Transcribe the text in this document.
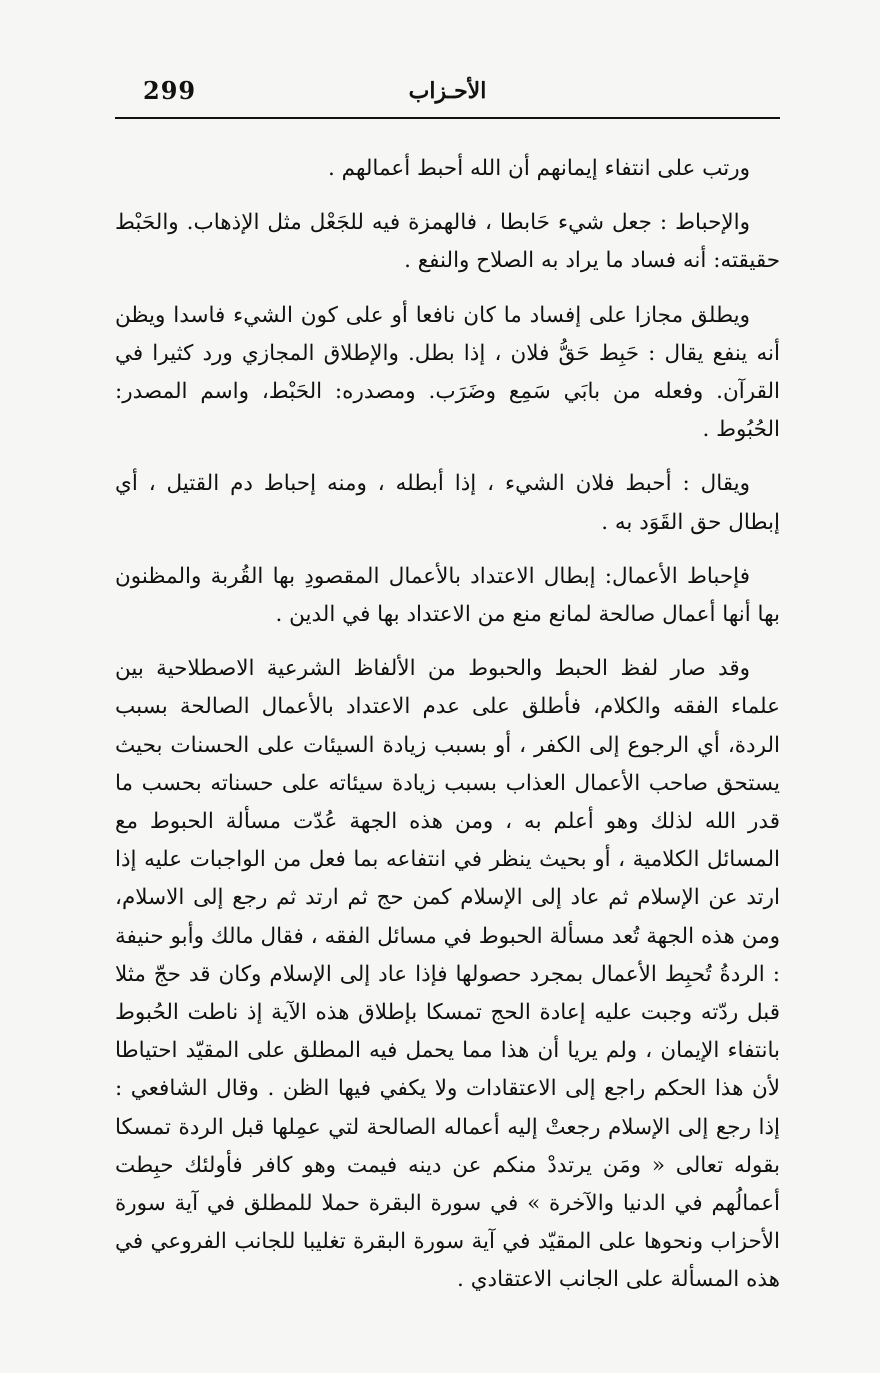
299	الأحـزاب

ورتب على انتفاء إيمانهم أن الله أحبط أعمالهم .

والإحباط : جعل شيء حَابطا ، فالهمزة فيه للجَعْل مثل الإذهاب. والحَبْط حقيقته: أنه فساد ما يراد به الصلاح والنفع .

ويطلق مجازا على إفساد ما كان نافعا أو على كون الشيء فاسدا ويظن أنه ينفع يقال : حَبِط حَقُّ فلان ، إذا بطل. والإطلاق المجازي ورد كثيرا في القرآن. وفعله من بابَي سَمِع وضَرَب. ومصدره: الحَبْط، واسم المصدر: الحُبُوط .

ويقال : أحبط فلان الشيء ، إذا أبطله ، ومنه إحباط دم القتيل ، أي إبطال حق القَوَد به .

فإحباط الأعمال: إبطال الاعتداد بالأعمال المقصودِ بها القُربة والمظنون بها أنها أعمال صالحة لمانع منع من الاعتداد بها في الدين .

وقد صار لفظ الحبط والحبوط من الألفاظ الشرعية الاصطلاحية بين علماء الفقه والكلام، فأطلق على عدم الاعتداد بالأعمال الصالحة بسبب الردة، أي الرجوع إلى الكفر ، أو بسبب زيادة السيئات على الحسنات بحيث يستحق صاحب الأعمال العذاب بسبب زيادة سيئاته على حسناته بحسب ما قدر الله لذلك وهو أعلم به ، ومن هذه الجهة عُدّت مسألة الحبوط مع المسائل الكلامية ، أو بحيث ينظر في انتفاعه بما فعل من الواجبات عليه إذا ارتد عن الإسلام ثم عاد إلى الإسلام كمن حج ثم ارتد ثم رجع إلى الاسلام، ومن هذه الجهة تُعد مسألة الحبوط في مسائل الفقه ، فقال مالك وأبو حنيفة : الردةُ تُحبِط الأعمال بمجرد حصولها فإذا عاد إلى الإسلام وكان قد حجّ مثلا قبل ردّته وجبت عليه إعادة الحج تمسكا بإطلاق هذه الآية إذ ناطت الحُبوط بانتفاء الإيمان ، ولم يريا أن هذا مما يحمل فيه المطلق على المقيّد احتياطا لأن هذا الحكم راجع إلى الاعتقادات ولا يكفي فيها الظن . وقال الشافعي : إذا رجع إلى الإسلام رجعتْ إليه أعماله الصالحة لتي عمِلها قبل الردة تمسكا بقوله تعالى « ومَن يرتددْ منكم عن دينه فيمت وهو كافر فأولئك حبِطت أعمالُهم في الدنيا والآخرة » في سورة البقرة حملا للمطلق في آية سورة الأحزاب ونحوها على المقيّد في آية سورة البقرة تغليبا للجانب الفروعي في هذه المسألة على الجانب الاعتقادي .
